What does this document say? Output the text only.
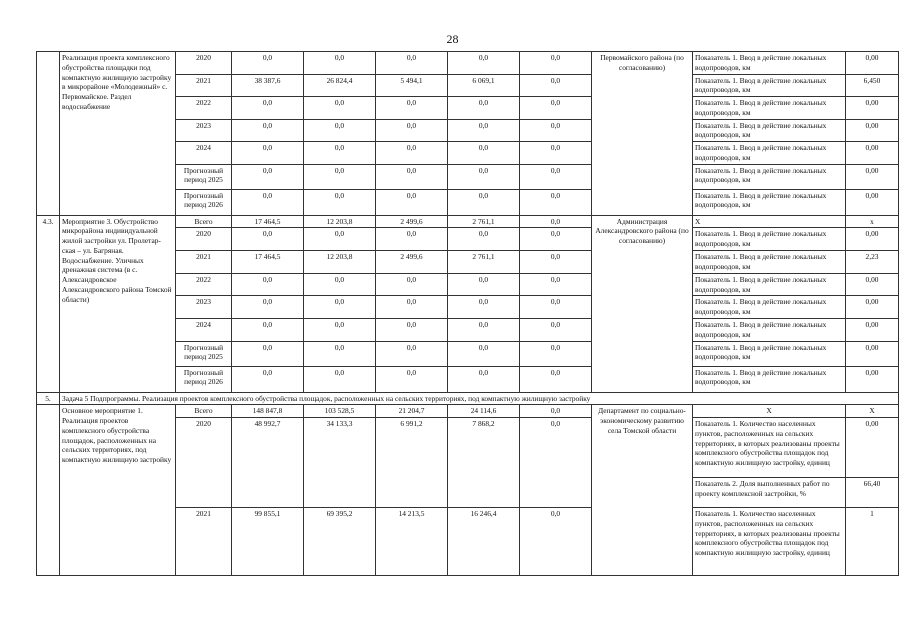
28
	Реализация проекта комплексного обустройства площадки под компактную жилищную застройку в микрорайоне «Молодежный» с. Первомайское. Раздел водоснабжение	2020	0,0	0,0	0,0	0,0	0,0	Первомайского района (по согласованию)	Показатель 1. Ввод в действие локальных водопроводов, км	0,00
		2021	38 387,6	26 824,4	5 494,1	6 069,1	0,0		Показатель 1. Ввод в действие локальных водопроводов, км	6,450
		2022	0,0	0,0	0,0	0,0	0,0		Показатель 1. Ввод в действие локальных водопроводов, км	0,00
		2023	0,0	0,0	0,0	0,0	0,0		Показатель 1. Ввод в действие локальных водопроводов, км	0,00
		2024	0,0	0,0	0,0	0,0	0,0		Показатель 1. Ввод в действие локальных водопроводов, км	0,00
		Прогнозный период 2025	0,0	0,0	0,0	0,0	0,0		Показатель 1. Ввод в действие локальных водопроводов, км	0,00
		Прогнозный период 2026	0,0	0,0	0,0	0,0	0,0		Показатель 1. Ввод в действие локальных водопроводов, км	0,00
4.3.	Мероприятие 3. Обустройство микрорайона индивидуальной жилой застройки ул. Пролетар-ская – ул. Багряная. Водоснабжение. Уличных дренажная система (в с. Александровское Александровского района Томской области)	Всего	17 464,5	12 203,8	2 499,6	2 761,1	0,0	Администрация Александровского района (по согласованию)	X	x
		2020	0,0	0,0	0,0	0,0	0,0		Показатель 1. Ввод в действие локальных водопроводов, км	0,00
		2021	17 464,5	12 203,8	2 499,6	2 761,1	0,0		Показатель 1. Ввод в действие локальных водопроводов, км	2,23
		2022	0,0	0,0	0,0	0,0	0,0		Показатель 1. Ввод в действие локальных водопроводов, км	0,00
		2023	0,0	0,0	0,0	0,0	0,0		Показатель 1. Ввод в действие локальных водопроводов, км	0,00
		2024	0,0	0,0	0,0	0,0	0,0		Показатель 1. Ввод в действие локальных водопроводов, км	0,00
		Прогнозный период 2025	0,0	0,0	0,0	0,0	0,0		Показатель 1. Ввод в действие локальных водопроводов, км	0,00
		Прогнозный период 2026	0,0	0,0	0,0	0,0	0,0		Показатель 1. Ввод в действие локальных водопроводов, км	0,00
5.	Задача 5 Подпрограммы. Реализация проектов комплексного обустройства площадок, расположенных на сельских территориях, под компактную жилищную застройку									
	Основное мероприятие 1. Реализация проектов комплексного обустройства площадок, расположенных на сельских территориях, под компактную жилищную застройку	Всего	148 847,8	103 528,5	21 204,7	24 114,6	0,0	Департамент по социально-экономическому развитию села Томской области	X	X
		2020	48 992,7	34 133,3	6 991,2	7 868,2	0,0		Показатель 1. Количество населенных пунктов, расположенных на сельских территориях, в которых реализованы проекты комплексного обустройства площадок под компактную жилищную застройку, единиц	0,00
									Показатель 2. Доля выполненных работ по проекту комплексной застройки, %	66,40
		2021	99 855,1	69 395,2	14 213,5	16 246,4	0,0		Показатель 1. Количество населенных пунктов, расположенных на сельских территориях, в которых реализованы проекты комплексного обустройства площадок под компактную жилищную застройку, единиц	1
